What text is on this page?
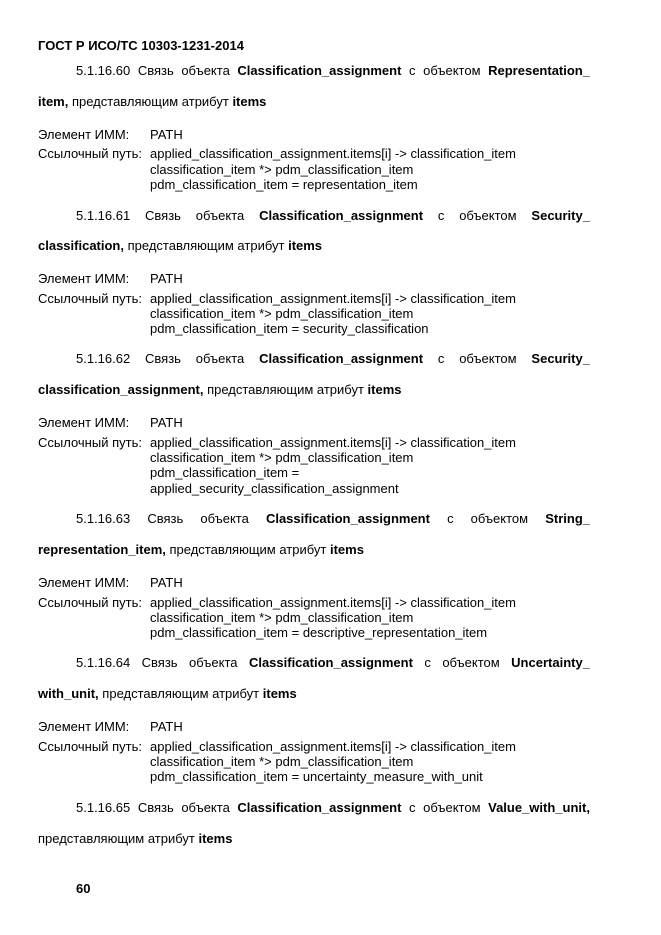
ГОСТ Р ИСО/ТС 10303-1231-2014
5.1.16.60 Связь объекта Classification_assignment с объектом Representation_
item, представляющим атрибут items
Элемент ИММ: PATH
Ссылочный путь: applied_classification_assignment.items[i] -> classification_item
classification_item *> pdm_classification_item
pdm_classification_item = representation_item
5.1.16.61 Связь объекта Classification_assignment с объектом Security_
classification, представляющим атрибут items
Элемент ИММ: PATH
Ссылочный путь: applied_classification_assignment.items[i] -> classification_item
classification_item *> pdm_classification_item
pdm_classification_item = security_classification
5.1.16.62 Связь объекта Classification_assignment с объектом Security_
classification_assignment, представляющим атрибут items
Элемент ИММ: PATH
Ссылочный путь: applied_classification_assignment.items[i] -> classification_item
classification_item *> pdm_classification_item
pdm_classification_item =
applied_security_classification_assignment
5.1.16.63 Связь объекта Classification_assignment с объектом String_
representation_item, представляющим атрибут items
Элемент ИММ: PATH
Ссылочный путь: applied_classification_assignment.items[i] -> classification_item
classification_item *> pdm_classification_item
pdm_classification_item = descriptive_representation_item
5.1.16.64 Связь объекта Classification_assignment с объектом Uncertainty_
with_unit, представляющим атрибут items
Элемент ИММ: PATH
Ссылочный путь: applied_classification_assignment.items[i] -> classification_item
classification_item *> pdm_classification_item
pdm_classification_item = uncertainty_measure_with_unit
5.1.16.65 Связь объекта Classification_assignment с объектом Value_with_unit,
представляющим атрибут items
60
